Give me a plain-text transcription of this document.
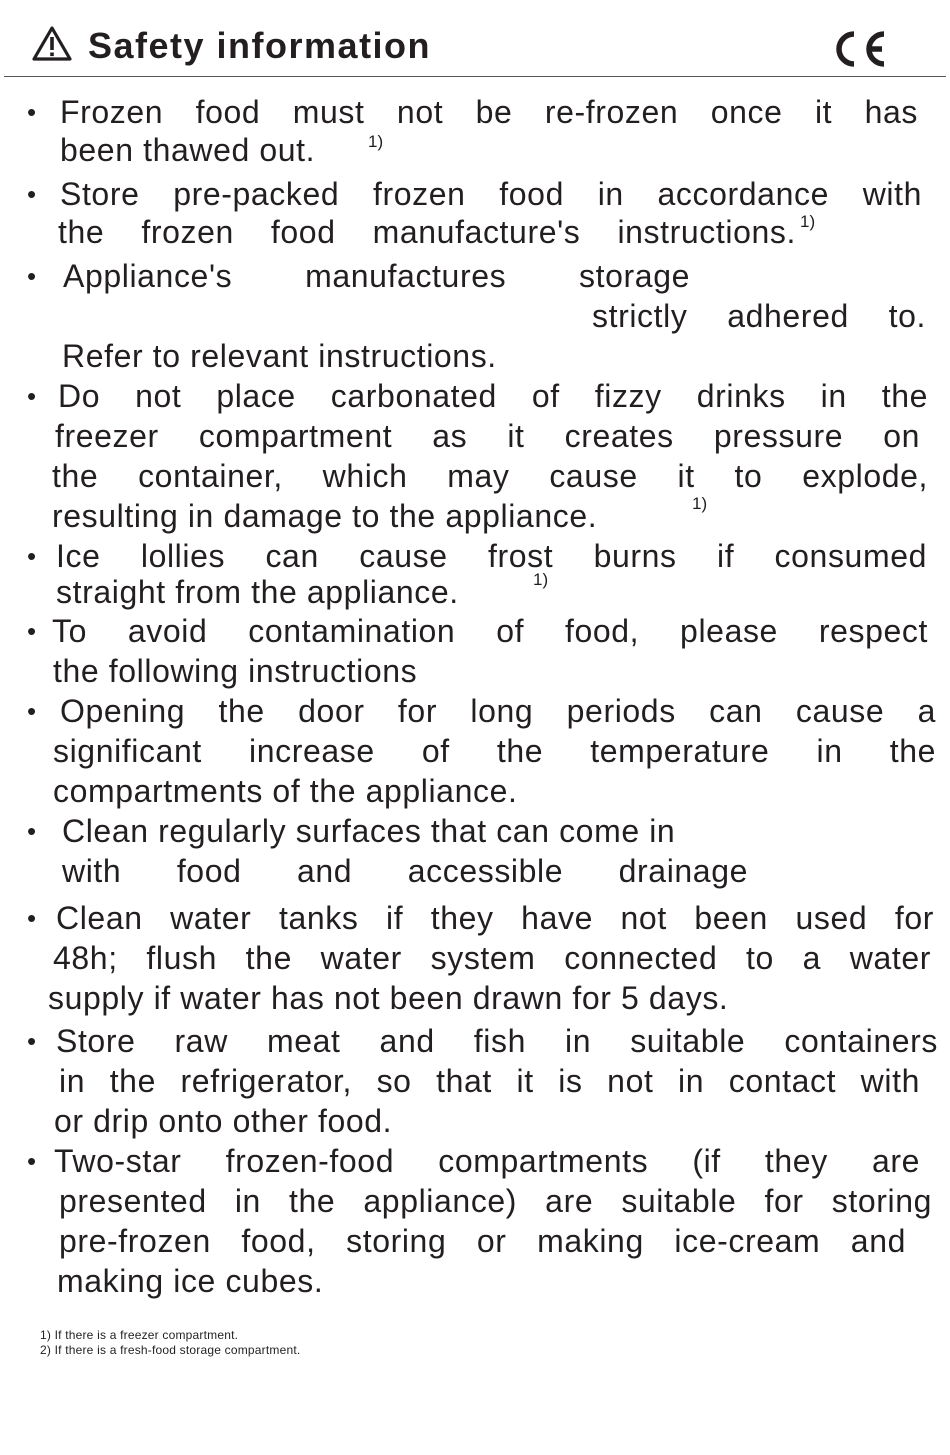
Safety information
• Frozen food must not be re-frozen once it has
been thawed out.	1)
• Store pre-packed frozen food in accordance with
the frozen food manufacture's instructions. 1)
• Appliance's manufactures storage
strictly adhered to.
Refer to relevant instructions.
• Do not place carbonated of fizzy drinks in the
freezer compartment as it creates pressure on
the container, which may cause it to explode,
resulting in damage to the appliance.	1)
• Ice lollies can cause frost burns if consumed
straight from the appliance.	1)
• To avoid contamination of food, please respect
the following instructions
• Opening the door for long periods can cause a
significant increase of the temperature in the
compartments of the appliance.
• Clean regularly surfaces that can come in
with food and accessible drainage
• Clean water tanks if they have not been used for
48h; flush the water system connected to a water
supply if water has not been drawn for 5 days.
• Store raw meat and fish in suitable containers
in the refrigerator, so that it is not in contact with
or drip onto other food.
• Two-star frozen-food compartments (if they are
presented in the appliance) are suitable for storing
pre-frozen food, storing or making ice-cream and
making ice cubes.
1) If there is a freezer compartment.
2) If there is a fresh-food storage compartment.
